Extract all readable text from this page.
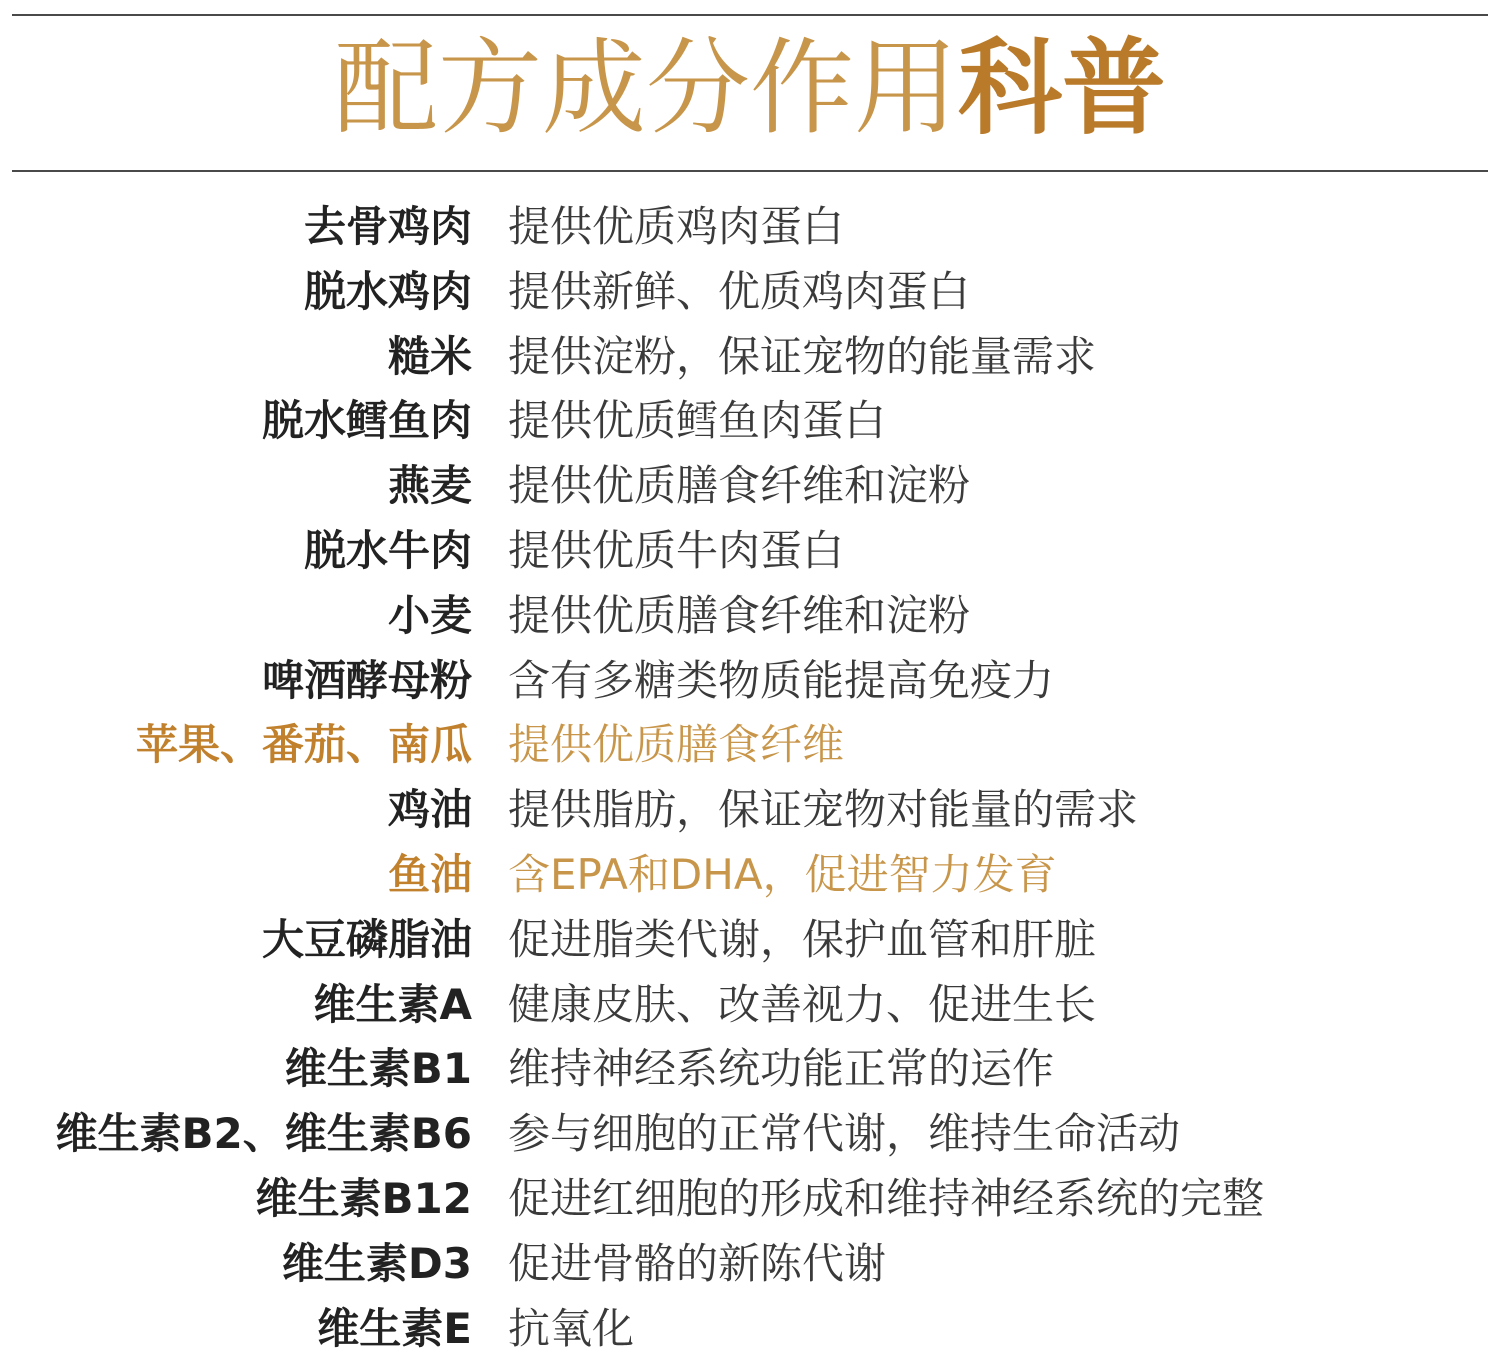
配方成分作用科普
去骨鸡肉 提供优质鸡肉蛋白
脱水鸡肉 提供新鲜、优质鸡肉蛋白
糙米 提供淀粉，保证宠物的能量需求
脱水鳕鱼肉 提供优质鳕鱼肉蛋白
燕麦 提供优质膳食纤维和淀粉
脱水牛肉 提供优质牛肉蛋白
小麦 提供优质膳食纤维和淀粉
啤酒酵母粉 含有多糖类物质能提高免疫力
苹果、番茄、南瓜 提供优质膳食纤维
鸡油 提供脂肪，保证宠物对能量的需求
鱼油 含EPA和DHA，促进智力发育
大豆磷脂油 促进脂类代谢，保护血管和肝脏
维生素A 健康皮肤、改善视力、促进生长
维生素B1 维持神经系统功能正常的运作
维生素B2、维生素B6 参与细胞的正常代谢，维持生命活动
维生素B12 促进红细胞的形成和维持神经系统的完整
维生素D3 促进骨骼的新陈代谢
维生素E 抗氧化
